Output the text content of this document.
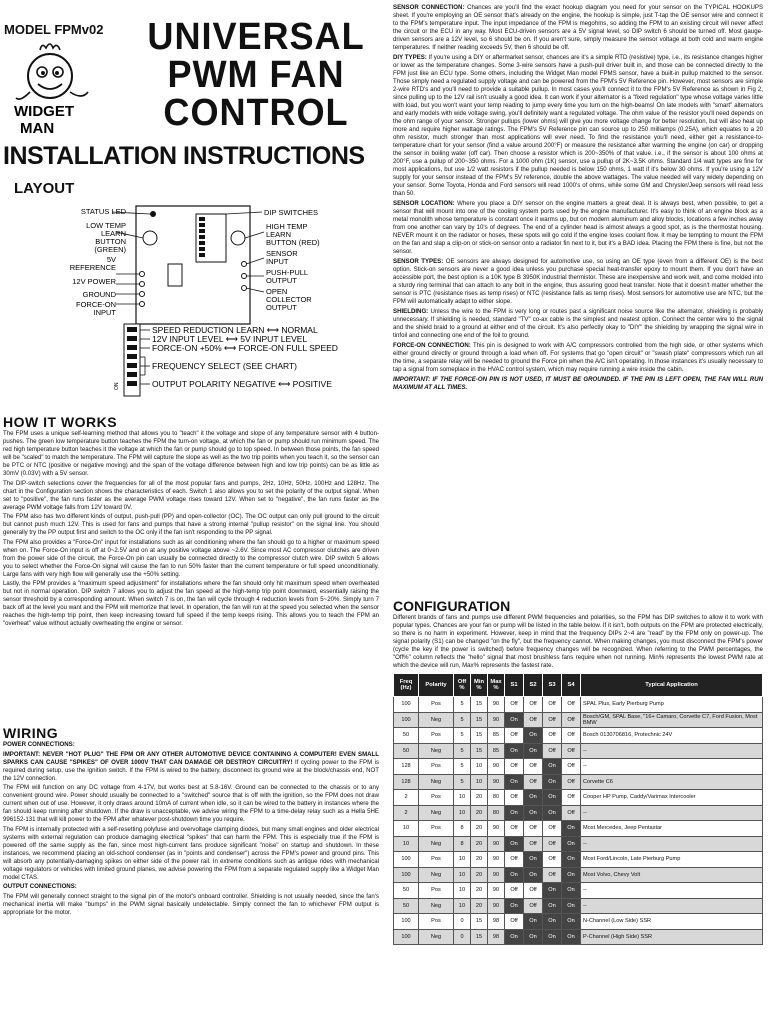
MODEL FPMv02 UNIVERSAL
PWM FAN
CONTROL
WIDGET
MAN
INSTALLATION INSTRUCTIONS
LAYOUT
STATUS LED
LOW TEMP
LEARN
BUTTON
(GREEN)
5V
REFERENCE
12V POWER
GROUND
FORCE-ON
INPUT
DIP SWITCHES
HIGH TEMP
LEARN
BUTTON (RED)
SENSOR
INPUT
PUSH-PULL
OUTPUT
OPEN
COLLECTOR
OUTPUT
ON
SPEED REDUCTION LEARN ⟷ NORMAL
12V INPUT LEVEL ⟷ 5V INPUT LEVEL
FORCE-ON +50% ⟷ FORCE-ON FULL SPEED
FREQUENCY SELECT (SEE CHART)
OUTPUT POLARITY NEGATIVE ⟷ POSITIVE
HOW IT WORKS

The FPM uses a unique self-learning method that allows you to "teach" it the voltage and slope of any temperature sensor with 4 button-pushes. The green low temperature button teaches the FPM the turn-on voltage, at which the fan or pump should run minimum speed. The red high temperature button teaches it the voltage at which the fan or pump should go to top speed. In between those points, the fan speed will be "scaled" to match the temperature. The FPM will capture the slope as well as the two trip points when you teach it, so the sensor can be PTC or NTC (positive or negative moving) and the span of the voltage difference between high and low trip points) can be as little as 30mV (0.03V) with a 5V sensor.

The DIP-switch selections cover the frequencies for all of the most popular fans and pumps, 2Hz, 10Hz, 50Hz, 100Hz and 128Hz. The chart in the Configuration section shows the characteristics of each. Switch 1 also allows you to set the polarity of the output signal. When set to "positive", the fan runs faster as the average PWM voltage rises toward 12V. When set to "negative", the fan runs faster as the average PWM voltage falls from 12V toward 0V.

The FPM also has two different kinds of output, push-pull (PP) and open-collector (OC). The OC output can only pull ground to the circuit but cannot push much 12V. This is used for fans and pumps that have a strong internal "pullup resistor" on the signal line. You should generally try the PP output first and switch to the OC only if the fan isn't responding to the PP signal.

The FPM also provides a "Force-On" input for installations such as air conditioning where the fan should go to a higher or maximum speed when on. The Force-On input is off at 0~2.5V and on at any positive voltage above ~2.6V. Since most AC compressor clutches are driven from the power side of the circuit, the Force-On pin can usually be connected directly to the compressor clutch wire. DIP switch 5 allows you to select whether the Force-On signal will cause the fan to run 50% faster than the current temperature or full speed unconditionally. Large fans with very high flow will generally use the +50% setting.

Lastly, the FPM provides a "maximum speed adjustment" for installations where the fan should only hit maximum speed when overheated but not in normal operation. DIP switch 7 allows you to adjust the fan speed at the high-temp trip point downward, essentially raising the sensor threshold by a corresponding amount. When switch 7 is on, the fan will cycle through 4 reduction levels from 5~20%. Simply turn 7 back off at the level you want and the FPM will memorize that level. In operation, the fan will run at the speed you selected when the sensor reaches the high-temp trip point, then keep increasing toward full speed if the temp keeps rising. This allows you to teach the FPM an "overheat" value without actually overheating the engine or sensor.

WIRING

POWER CONNECTIONS:

IMPORTANT: NEVER "HOT PLUG" THE FPM OR ANY OTHER AUTOMOTIVE DEVICE CONTAINING A COMPUTER! EVEN SMALL SPARKS CAN CAUSE "SPIKES" OF OVER 1000V THAT CAN DAMAGE OR DESTROY CIRCUITRY! If cycling power to the FPM is required during setup, use the ignition switch. If the FPM is wired to the battery, disconnect its ground wire at the block/chassis end, NOT the 12V connection.

The FPM will function on any DC voltage from 4-17V, but works best at 5.8-16V. Ground can be connected to the chassis or to any convenient ground wire. Power should usually be connected to a "switched" source that is off with the ignition, so the FPM does not draw current when out of use. However, it only draws around 10mA of current when idle, so it can be wired to the battery in instances where the fan should keep running after shutdown. If the draw is unacceptable, we advise wiring the FPM to a time-delay relay such as a Hella 5HE 996152-131 that will kill power to the FPM after whatever post-shutdown time you require.

The FPM is internally protected with a self-resetting polyfuse and overvoltage clamping diodes, but many small engines and older electrical systems with external regulation can produce damaging electrical "spikes" that can harm the FPM. This is especially true if the FPM is powered off the same supply as the fan, since most high-current fans produce significant "noise" on startup and shutdown. In these instances, we recommend placing an old-school condenser (as in "points and condenser") across the FPM's power and ground pins. This will absorb any potentially-damaging spikes on either side of the power rail. In extreme conditions such as antique rides with mechanical voltage regulators or vehicles with limited ground planes, we advise powering the FPM from a separate regulated supply like a Widget Man model CTAS.

OUTPUT CONNECTIONS:

The FPM will generally connect straight to the signal pin of the motor's onboard controller. Shielding is not usually needed, since the fan's mechanical inertia will make "bumps" in the PWM signal basically undetectable. Simply connect the fan to whichever FPM output is appropriate for the motor.

SENSOR CONNECTION: Chances are you'll find the exact hookup diagram you need for your sensor on the TYPICAL HOOKUPS sheet. If you're employing an OE sensor that's already on the engine, the hookup is simple, just T-tap the OE sensor wire and connect it to the FPM's temperature input. The input impedance of the FPM is megohms, so adding the FPM to an existing circuit will never affect the circuit or the ECU in any way. Most ECU-driven sensors are a 5V signal level, so DIP switch 6 should be turned off. Most gauge-driven sensors are a 12V level, so 6 should be on. If you aren't sure, simply measure the sensor voltage at both cold and warm engine temperatures. If neither reading exceeds 5V, then 6 should be off.

DIY TYPES: If you're using a DIY or aftermarket sensor, chances are it's a simple RTD (resistive) type, i.e., its resistance changes higher or lower as the temperature changes. Some 3-wire sensors have a push-pull driver built in, and those can be connected directly to the FPM just like an ECU type. Some others, including the Widget Man model FPMS sensor, have a built-in pullup matched to the sensor. Those simply need a regulated supply voltage and can be powered from the FPM's 5V Reference pin. However, most sensors are simple 2-wire RTD's and you'll need to provide a suitable pullup. In most cases you'll connect it to the FPM's 5V Reference as shown in Fig 2, since pulling up to the 12V rail isn't usually a good idea. It can work if your alternator is a "fixed regulation" type whose voltage varies little with load, but you won't want your temp reading to jump every time you turn on the high-beams! On late models with "smart" alternators and early models with wide voltage swing, you'll definitely want a regulated voltage. The ohm value of the resistor you'll need depends on the ohm range of your sensor. Stronger pullups (lower ohms) will give you more voltage change for better resolution, but will also heat up more and require higher wattage ratings. The FPM's 5V Reference pin can source up to 250 milliamps (0.25A), which equates to a 20 ohm resistor, much stronger than most applications will ever need. To find the resistance you'll need, either get a resistance-to-temperature chart for your sensor (find a value around 200°F) or measure the resistance after warming the engine (on car) or dropping the sensor in boiling water (off car). Then choose a resistor which is 200~350% of that value. i.e., if the sensor is about 100 ohms at 200°F, use a pullup of 200~350 ohms. For a 1000 ohm (1K) sensor, use a pullup of 2K~3.5K ohms. Standard 1/4 watt types are fine for most applications, but use 1/2 watt resistors if the pullup needed is below 150 ohms, 1 watt if it's below 30 ohms. If you're using a 12V supply for your sensor instead of the FPM's 5V reference, double the above wattages. The value needed will vary widely depending on your sensor. Some Toyota, Honda and Ford sensors will read 1000's of ohms, while some GM and Chrysler/Jeep sensors will read less than 50.

SENSOR LOCATION: Where you place a DIY sensor on the engine matters a great deal. It is always best, when possible, to get a sensor that will mount into one of the cooling system ports used by the engine manufacturer. It's easy to think of an engine block as a metal monolith whose temperature is constant once it warms up, but on modern aluminum and alloy blocks, locations a few inches away from one another can vary by 10's of degrees. The end of a cylinder head is almost always a good spot, as is the thermostat housing. NEVER mount it on the radiator or hoses, these spots will go cold if the engine loses coolant flow. It may be tempting to mount the FPM on the fan and slap a clip-on or stick-on sensor onto a radiator fin next to it, but it's a BAD idea. Placing the FPM there is fine, but not the sensor.

SENSOR TYPES: OE sensors are always designed for automotive use, so using an OE type (even from a different OE) is the best option. Stick-on sensors are never a good idea unless you purchase special heat-transfer epoxy to mount them. If you don't have an accessible port, the best option is a 10K type B 3950K industrial thermistor. These are inexpensive and work well, and come molded into a sturdy ring terminal that can attach to any bolt in the engine, thus assuring good heat transfer. Note that it doesn't matter whether the sensor is PTC (resistance rises as temp rises) or NTC (resistance falls as temp rises). Most sensors for automotive use are NTC, but the FPM will automatically adapt to either slope.

SHIELDING: Unless the wire to the FPM is very long or routes past a significant noise source like the alternator, shielding is probably unnecessary. If shielding is needed, standard "TV" co-ax cable is the simplest and neatest option. Connect the center wire to the signal and the shield braid to a ground at either end of the circuit. It's also perfectly okay to "DIY" the shielding by wrapping the signal wire in tinfoil and connecting one end of the foil to ground.

FORCE-ON CONNECTION: This pin is designed to work with A/C compressors controlled from the high side, or other systems which either ground directly or ground through a load when off. For systems that go "open circuit" or "swash plate" compressors which run all the time, a separate relay will be needed to ground the Force pin when the A/C isn't operating. In those instances it's usually necessary to tap a signal from someplace in the HVAC control system, which may require running a wire inside the cabin.

IMPORTANT: IF THE FORCE-ON PIN IS NOT USED, IT MUST BE GROUNDED. IF THE PIN IS LEFT OPEN, THE FAN WILL RUN MAXIMUM AT ALL TIMES.

CONFIGURATION

Different brands of fans and pumps use different PWM frequencies and polarities, so the FPM has DIP switches to allow it to work with popular types. Chances are your fan or pump will be listed in the table below. If it isn't, both outputs on the FPM are protected electrically, so there is no harm in experiment. However, keep in mind that the frequency DIPs 2~4 are "read" by the FPM only on power-up. The signal polarity (S1) can be changed "on the fly", but the frequency cannot. When making changes, you must disconnect the FPM's power (cycle the key if the power is switched) before frequency changes will be recognized. When referring to the PWM percentages, the "Off%" column reflects the "hello" signal that most brushless fans require when not running. Min% represents the lowest PWM rate at which the device will run, Max% represents the fastest rate.

Freq (Hz)	Polarity	Off %	Min %	Max %	S1	S2	S3	S4	Typical Application
100	Pos	5	15	90	Off	Off	Off	Off	SPAL Plus, Early Pierburg Pump
100	Neg	5	15	90	On	Off	Off	Off	Bosch/GM, SPAL Base, "16+ Camaro, Corvette C7, Ford Fusion, Most BMW
50	Pos	5	15	85	Off	On	Off	Off	Bosch 0130706816, Protechnic 24V
50	Neg	5	15	85	On	On	Off	Off	--
128	Pos	5	10	90	Off	Off	On	Off	--
128	Neg	5	10	90	On	Off	On	Off	Corvette C6
2	Pos	10	20	80	Off	On	On	Off	Cooper HP Pump, Caddy/Varimax Intercooler
2	Neg	10	20	80	On	On	On	Off	--
10	Pos	8	20	90	Off	Off	Off	On	Most Mercedes, Jeep Pentastar
10	Neg	8	20	90	On	Off	Off	On	--
100	Pos	10	20	90	Off	On	Off	On	Most Ford/Lincoln, Late Pierburg Pump
100	Neg	10	20	90	On	On	Off	On	Most Volvo, Chevy Volt
50	Pos	10	20	90	Off	Off	On	On	--
50	Neg	10	20	90	On	Off	On	On	--
100	Pos	0	15	98	Off	On	On	On	N-Channel (Low Side) SSR
100	Neg	0	15	98	On	On	On	On	P-Channel (High Side) SSR
